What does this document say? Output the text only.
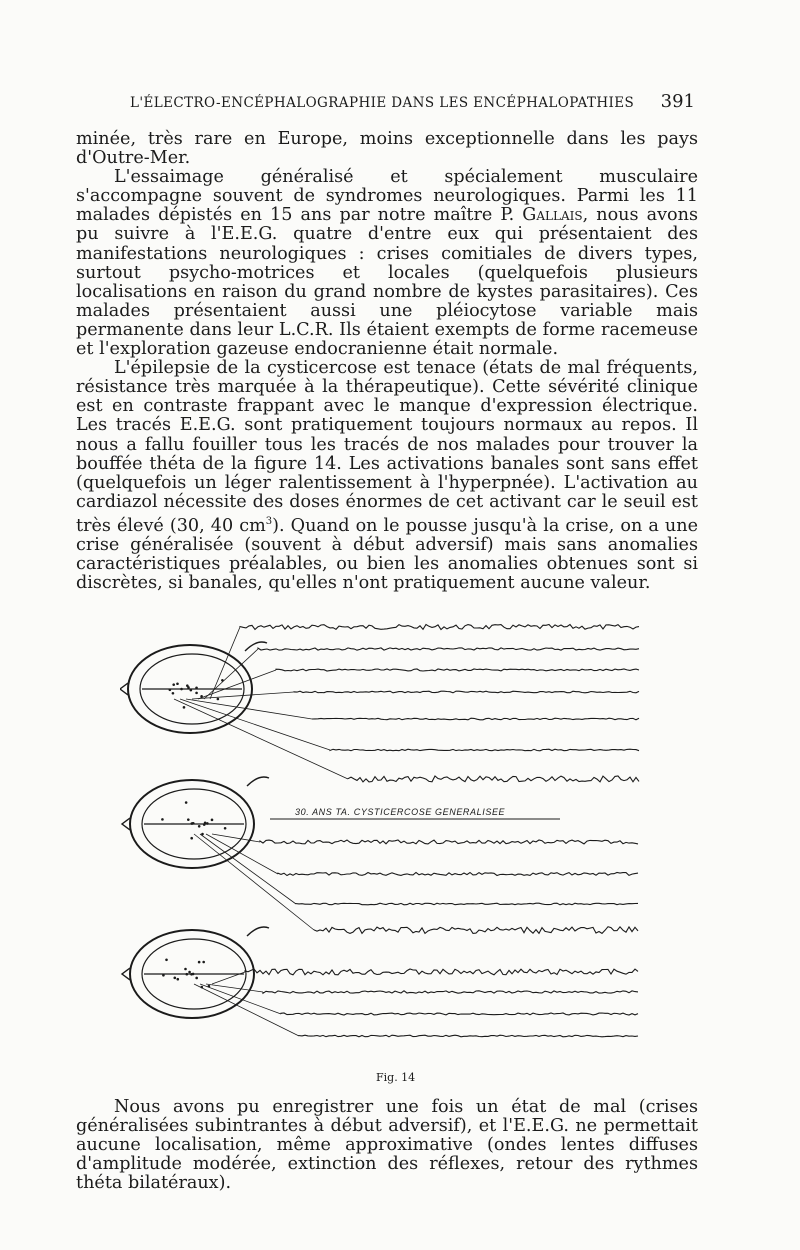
L'ÉLECTRO-ENCÉPHALOGRAPHIE DANS LES ENCÉPHALOPATHIES 391

minée, très rare en Europe, moins exceptionnelle dans les pays d'Outre-Mer.

L'essaimage généralisé et spécialement musculaire s'accompagne souvent de syndromes neurologiques. Parmi les 11 malades dépistés en 15 ans par notre maître P. Gallais, nous avons pu suivre à l'E.E.G. quatre d'entre eux qui présentaient des manifestations neurologiques : crises comitiales de divers types, surtout psycho-motrices et locales (quelquefois plusieurs localisations en raison du grand nombre de kystes parasitaires). Ces malades présentaient aussi une pléiocytose variable mais permanente dans leur L.C.R. Ils étaient exempts de forme racemeuse et l'exploration gazeuse endocranienne était normale.

L'épilepsie de la cysticercose est tenace (états de mal fréquents, résistance très marquée à la thérapeutique). Cette sévérité clinique est en contraste frappant avec le manque d'expression électrique. Les tracés E.E.G. sont pratiquement toujours normaux au repos. Il nous a fallu fouiller tous les tracés de nos malades pour trouver la bouffée théta de la figure 14. Les activations banales sont sans effet (quelquefois un léger ralentissement à l'hyperpnée). L'activation au cardiazol nécessite des doses énormes de cet activant car le seuil est très élevé (30, 40 $cm^3$). Quand on le pousse jusqu'à la crise, on a une crise généralisée (souvent à début adversif) mais sans anomalies caractéristiques préalables, ou bien les anomalies obtenues sont si discrètes, si banales, qu'elles n'ont pratiquement aucune valeur.

30. ANS TA. CYSTICERCOSE GENERALISEE
Fig. 14

Nous avons pu enregistrer une fois un état de mal (crises généralisées subintrantes à début adversif), et l'E.E.G. ne permettait aucune localisation, même approximative (ondes lentes diffuses d'amplitude modérée, extinction des réflexes, retour des rythmes théta bilatéraux).
